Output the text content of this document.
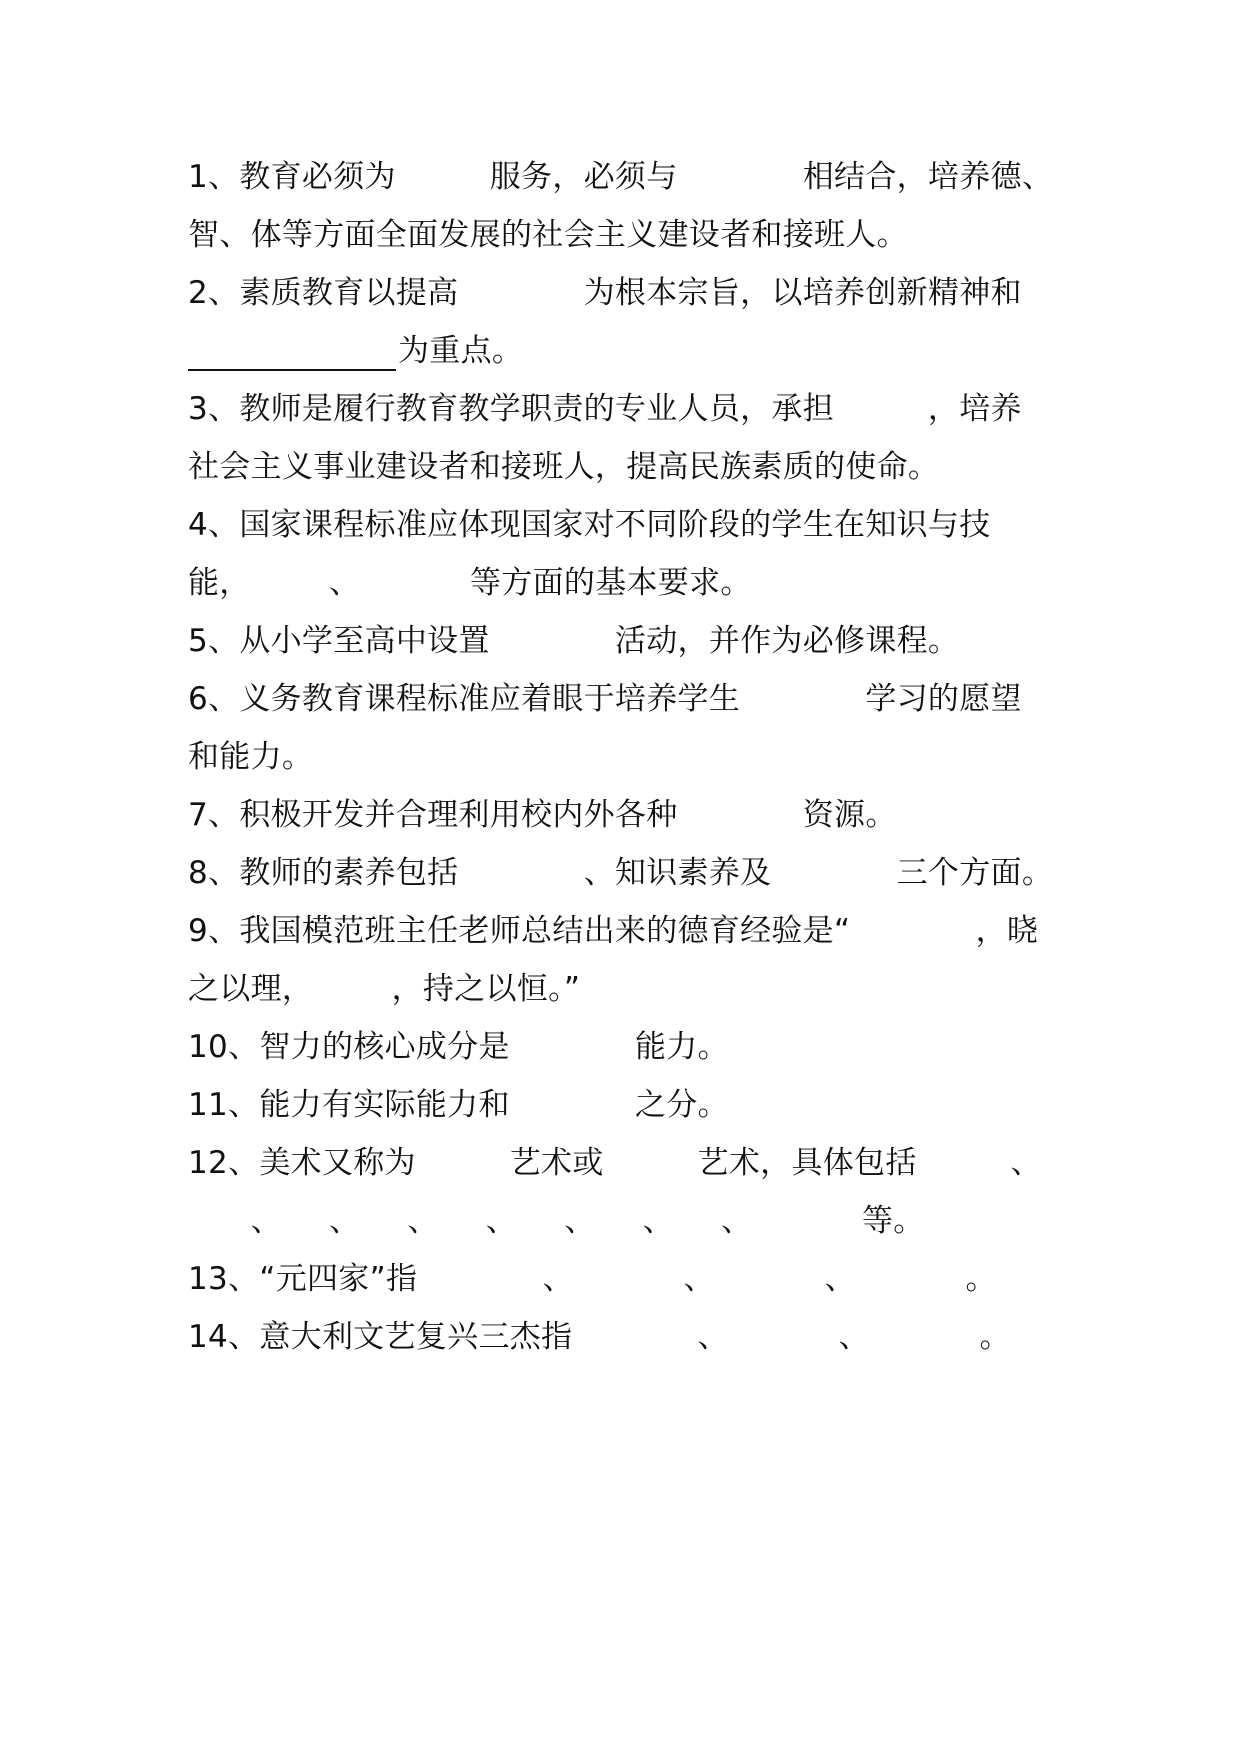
1、教育必须为　　　服务，必须与　　　　相结合，培养德、
智、体等方面全面发展的社会主义建设者和接班人。
2、素质教育以提高　　　　为根本宗旨，以培养创新精神和
为重点。
3、教师是履行教育教学职责的专业人员，承担　　　，培养
社会主义事业建设者和接班人，提高民族素质的使命。
4、国家课程标准应体现国家对不同阶段的学生在知识与技
能，　　　、　　　　等方面的基本要求。
5、从小学至高中设置　　　　活动，并作为必修课程。
6、义务教育课程标准应着眼于培养学生　　　　学习的愿望
和能力。
7、积极开发并合理利用校内外各种　　　　资源。
8、教师的素养包括　　　　、知识素养及　　　　三个方面。
9、我国模范班主任老师总结出来的德育经验是“　　　　，晓
之以理，　　　，持之以恒。”
10、智力的核心成分是　　　　能力。
11、能力有实际能力和　　　　之分。
12、美术又称为　　　艺术或　　　艺术，具体包括　　　、
　　、　　、　　、　　、　　、　　、　　、　　　　等。
13、“元四家”指　　　　、　　　　、　　　　、　　　　。
14、意大利文艺复兴三杰指　　　　、　　　　、　　　　。
